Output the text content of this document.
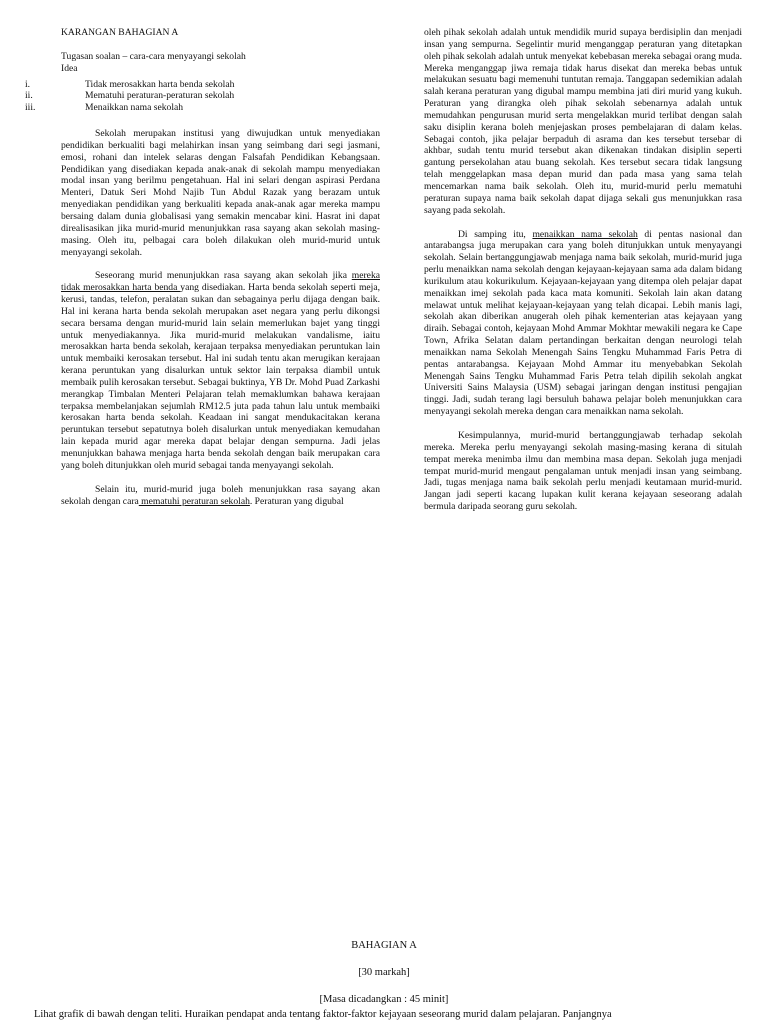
KARANGAN BAHAGIAN A
Tugasan soalan – cara-cara menyayangi sekolah
Idea
i.	Tidak merosakkan harta benda sekolah
ii.	Mematuhi peraturan-peraturan sekolah
iii.	Menaikkan nama sekolah

Sekolah merupakan institusi yang diwujudkan untuk menyediakan pendidikan berkualiti bagi melahirkan insan yang seimbang dari segi jasmani, emosi, rohani dan intelek selaras dengan Falsafah Pendidikan Kebangsaan. Pendidikan yang disediakan kepada anak-anak di sekolah mampu menyediakan modal insan yang berilmu pengetahuan. Hal ini selari dengan aspirasi Perdana Menteri, Datuk Seri Mohd Najib Tun Abdul Razak yang berazam untuk menyediakan pendidikan yang berkualiti kepada anak-anak agar mereka mampu bersaing dalam dunia globalisasi yang semakin mencabar kini. Hasrat ini dapat direalisasikan jika murid-murid menunjukkan rasa sayang akan sekolah masing-masing. Oleh itu, pelbagai cara boleh dilakukan oleh murid-murid untuk menyayangi sekolah.

Seseorang murid menunjukkan rasa sayang akan sekolah jika mereka tidak merosakkan harta benda yang disediakan. Harta benda sekolah seperti meja, kerusi, tandas, telefon, peralatan sukan dan sebagainya perlu dijaga dengan baik. Hal ini kerana harta benda sekolah merupakan aset negara yang perlu dikongsi secara bersama dengan murid-murid lain selain memerlukan bajet yang tinggi untuk menyediakannya. Jika murid-murid melakukan vandalisme, iaitu merosakkan harta benda sekolah, kerajaan terpaksa menyediakan peruntukan lain untuk membaiki kerosakan tersebut. Hal ini sudah tentu akan merugikan kerajaan kerana peruntukan yang disalurkan untuk sektor lain terpaksa diambil untuk membaik pulih kerosakan tersebut. Sebagai buktinya, YB Dr. Mohd Puad Zarkashi merangkap Timbalan Menteri Pelajaran telah memaklumkan bahawa kerajaan terpaksa membelanjakan sejumlah RM12.5 juta pada tahun lalu untuk membaiki kerosakan harta benda sekolah. Keadaan ini sangat mendukacitakan kerana peruntukan tersebut sepatutnya boleh disalurkan untuk menyediakan kemudahan lain kepada murid agar mereka dapat belajar dengan sempurna. Jadi jelas menunjukkan bahawa menjaga harta benda sekolah dengan baik merupakan cara yang boleh ditunjukkan oleh murid sebagai tanda menyayangi sekolah.

Selain itu, murid-murid juga boleh menunjukkan rasa sayang akan sekolah dengan cara mematuhi peraturan sekolah. Peraturan yang digubal

oleh pihak sekolah adalah untuk mendidik murid supaya berdisiplin dan menjadi insan yang sempurna. Segelintir murid menganggap peraturan yang ditetapkan oleh pihak sekolah adalah untuk menyekat kebebasan mereka sebagai orang muda. Mereka menganggap jiwa remaja tidak harus disekat dan mereka bebas untuk melakukan sesuatu bagi memenuhi tuntutan remaja. Tanggapan sedemikian adalah salah kerana peraturan yang digubal mampu membina jati diri murid yang kukuh. Peraturan yang dirangka oleh pihak sekolah sebenarnya adalah untuk memudahkan pengurusan murid serta mengelakkan murid terlibat dengan salah saku disiplin kerana boleh menjejaskan proses pembelajaran di dalam kelas. Sebagai contoh, jika pelajar berpaduh di asrama dan kes tersebut tersebar di akhbar, sudah tentu murid tersebut akan dikenakan tindakan disiplin seperti gantung persekolahan atau buang sekolah. Kes tersebut secara tidak langsung telah menggelapkan masa depan murid dan pada masa yang sama telah mencemarkan nama baik sekolah. Oleh itu, murid-murid perlu mematuhi peraturan supaya nama baik sekolah dapat dijaga sekali gus menunjukkan rasa sayang pada sekolah.

Di samping itu, menaikkan nama sekolah di pentas nasional dan antarabangsa juga merupakan cara yang boleh ditunjukkan untuk menyayangi sekolah. Selain bertanggungjawab menjaga nama baik sekolah, murid-murid juga perlu menaikkan nama sekolah dengan kejayaan-kejayaan sama ada dalam bidang kurikulum atau kokurikulum. Kejayaan-kejayaan yang ditempa oleh pelajar dapat menaikkan imej sekolah pada kaca mata komuniti. Sekolah lain akan datang melawat untuk melihat kejayaan-kejayaan yang telah dicapai. Lebih manis lagi, sekolah akan diberikan anugerah oleh pihak kementerian atas kejayaan yang diraih. Sebagai contoh, kejayaan Mohd Ammar Mokhtar mewakili negara ke Cape Town, Afrika Selatan dalam pertandingan berkaitan dengan neurologi telah menaikkan nama Sekolah Menengah Sains Tengku Muhammad Faris Petra di pentas antarabangsa. Kejayaan Mohd Ammar itu menyebabkan Sekolah Menengah Sains Tengku Muhammad Faris Petra telah dipilih sekolah angkat Universiti Sains Malaysia (USM) sebagai jaringan dengan institusi pengajian tinggi. Jadi, sudah terang lagi bersuluh bahawa pelajar boleh menunjukkan cara menyayangi sekolah mereka dengan cara menaikkan nama sekolah.

Kesimpulannya, murid-murid bertanggungjawab terhadap sekolah mereka. Mereka perlu menyayangi sekolah masing-masing kerana di situlah tempat mereka menimba ilmu dan membina masa depan. Sekolah juga menjadi tempat murid-murid mengaut pengalaman untuk menjadi insan yang seimbang. Jadi, tugas menjaga nama baik sekolah perlu menjadi keutamaan murid-murid. Jangan jadi seperti kacang lupakan kulit kerana kejayaan seseorang adalah bermula daripada seorang guru sekolah.

BAHAGIAN A
[30 markah]
[Masa dicadangkan : 45 minit]
Lihat grafik di bawah dengan teliti. Huraikan pendapat anda tentang faktor-faktor kejayaan seseorang murid dalam pelajaran. Panjangnya
